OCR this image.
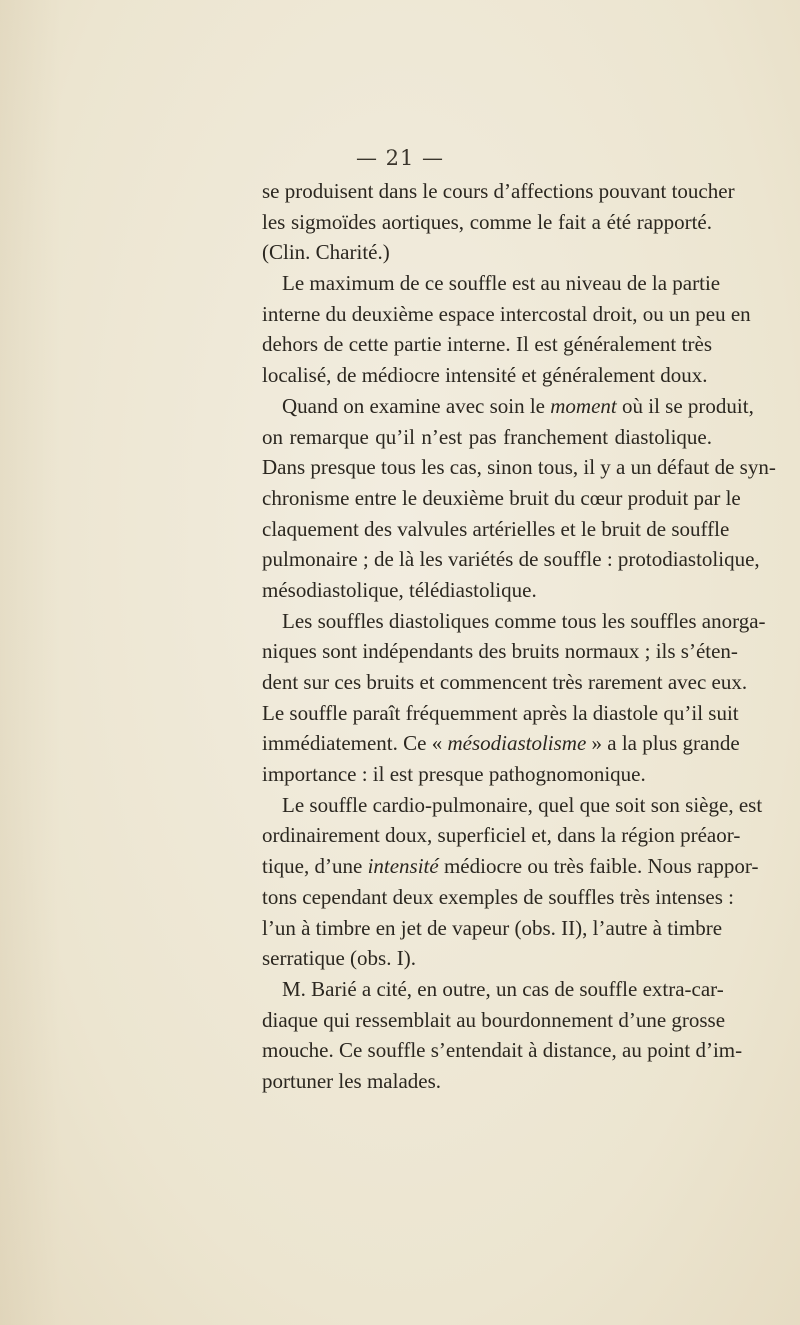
— 21 —
se produisent dans le cours d’affections pouvant toucher
les sigmoïdes aortiques, comme le fait a été rapporté.
(Clin. Charité.)
Le maximum de ce souffle est au niveau de la partie
interne du deuxième espace intercostal droit, ou un peu en
dehors de cette partie interne. Il est généralement très
localisé, de médiocre intensité et généralement doux.
Quand on examine avec soin le moment où il se produit,
on remarque qu’il n’est pas franchement diastolique.
Dans presque tous les cas, sinon tous, il y a un défaut de syn-
chronisme entre le deuxième bruit du cœur produit par le
claquement des valvules artérielles et le bruit de souffle
pulmonaire ; de là les variétés de souffle : protodiastolique,
mésodiastolique, télédiastolique.
Les souffles diastoliques comme tous les souffles anorga-
niques sont indépendants des bruits normaux ; ils s’éten-
dent sur ces bruits et commencent très rarement avec eux.
Le souffle paraît fréquemment après la diastole qu’il suit
immédiatement. Ce « mésodiastolisme » a la plus grande
importance : il est presque pathognomonique.
Le souffle cardio-pulmonaire, quel que soit son siège, est
ordinairement doux, superficiel et, dans la région préaor-
tique, d’une intensité médiocre ou très faible. Nous rappor-
tons cependant deux exemples de souffles très intenses :
l’un à timbre en jet de vapeur (obs. II), l’autre à timbre
serratique (obs. I).
M. Barié a cité, en outre, un cas de souffle extra-car-
diaque qui ressemblait au bourdonnement d’une grosse
mouche. Ce souffle s’entendait à distance, au point d’im-
portuner les malades.
